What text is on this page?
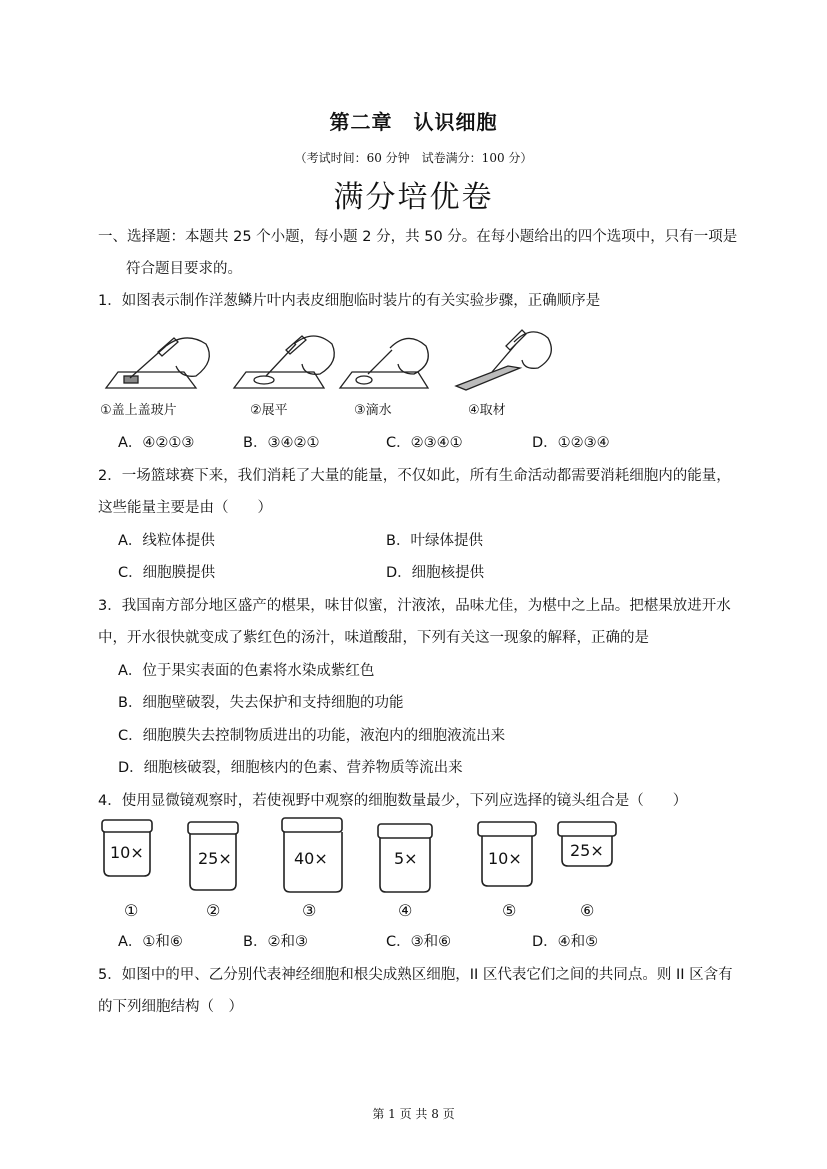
第二章　认识细胞
（考试时间：60 分钟　试卷满分：100 分）
满分培优卷
一、选择题：本题共 25 个小题，每小题 2 分，共 50 分。在每小题给出的四个选项中，只有一项是
符合题目要求的。
1．如图表示制作洋葱鳞片叶内表皮细胞临时装片的有关实验步骤，正确顺序是
①盖上盖玻片	②展平	③滴水	④取材
A．④②①③	B．③④②①	C．②③④①	D．①②③④
2．一场篮球赛下来，我们消耗了大量的能量，不仅如此，所有生命活动都需要消耗细胞内的能量，
这些能量主要是由（　　）
A．线粒体提供	B．叶绿体提供
C．细胞膜提供	D．细胞核提供
3．我国南方部分地区盛产的椹果，味甘似蜜，汁液浓，品味尤佳，为椹中之上品。把椹果放进开水
中，开水很快就变成了紫红色的汤汁，味道酸甜，下列有关这一现象的解释，正确的是
A．位于果实表面的色素将水染成紫红色
B．细胞壁破裂，失去保护和支持细胞的功能
C．细胞膜失去控制物质进出的功能，液泡内的细胞液流出来
D．细胞核破裂，细胞核内的色素、营养物质等流出来
4．使用显微镜观察时，若使视野中观察的细胞数量最少，下列应选择的镜头组合是（　　）
10×	25×	40×	5×	10×	25×
①	②	③	④	⑤	⑥
A．①和⑥	B．②和③	C．③和⑥	D．④和⑤
5．如图中的甲、乙分别代表神经细胞和根尖成熟区细胞，II 区代表它们之间的共同点。则 II 区含有
的下列细胞结构（　）
第 1 页 共 8 页
